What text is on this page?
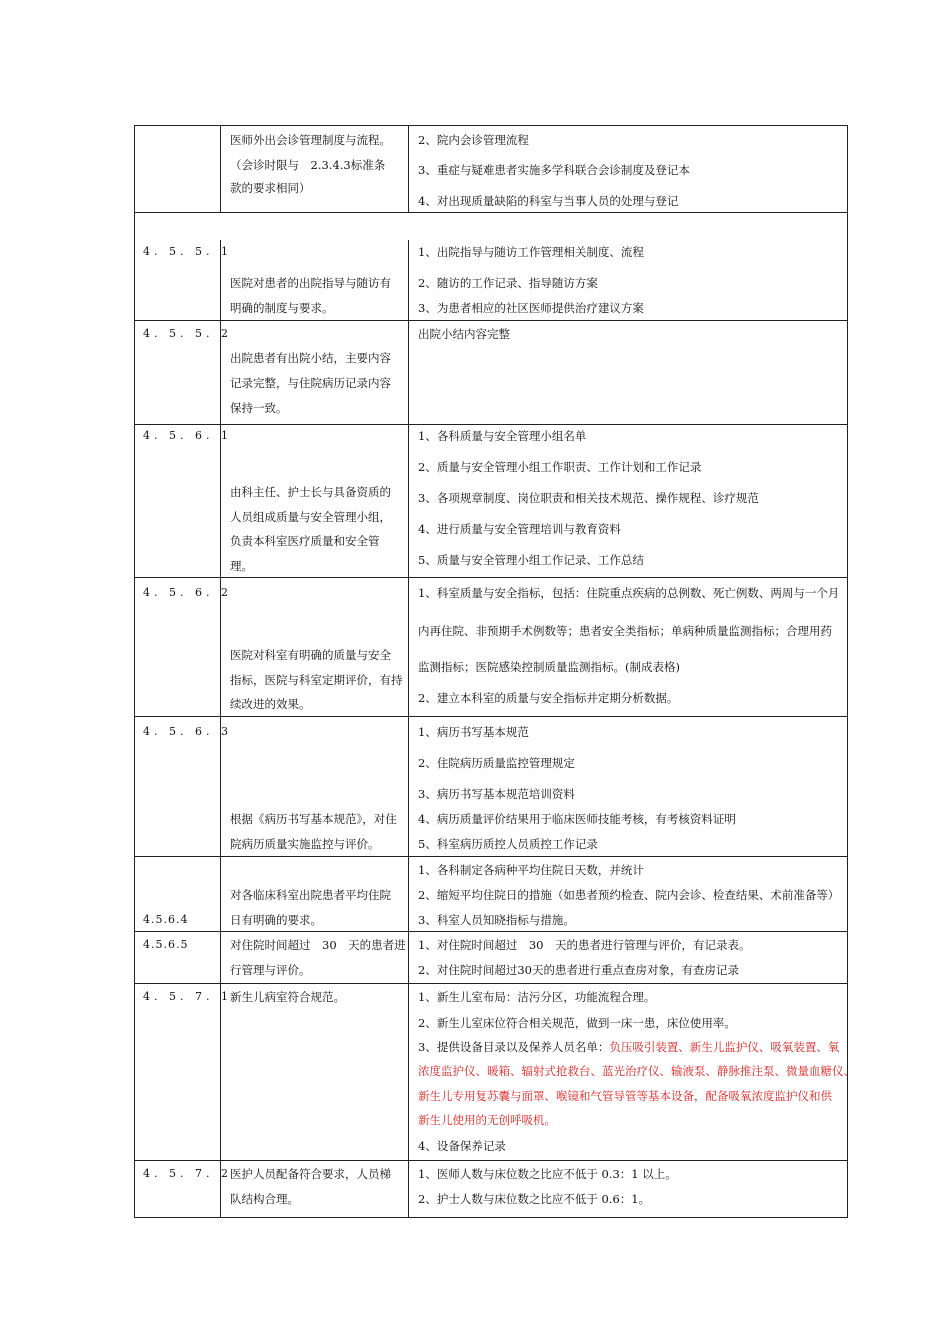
医师外出会诊管理制度与流程。
（会诊时限与　2.3.4.3标准条
款的要求相同）
2、院内会诊管理流程
3、重症与疑难患者实施多学科联合会诊制度及登记本
4、对出现质量缺陷的科室与当事人员的处理与登记
4. 5. 5. 1
医院对患者的出院指导与随访有
明确的制度与要求。
1、出院指导与随访工作管理相关制度、流程
2、随访的工作记录、指导随访方案
3、为患者相应的社区医师提供治疗建议方案
4. 5. 5. 2
出院患者有出院小结，主要内容
记录完整，与住院病历记录内容
保持一致。
出院小结内容完整
4. 5. 6. 1
由科主任、护士长与具备资质的
人员组成质量与安全管理小组，
负责本科室医疗质量和安全管
理。
1、各科质量与安全管理小组名单
2、质量与安全管理小组工作职责、工作计划和工作记录
3、各项规章制度、岗位职责和相关技术规范、操作规程、诊疗规范
4、进行质量与安全管理培训与教育资料
5、质量与安全管理小组工作记录、工作总结
4. 5. 6. 2
医院对科室有明确的质量与安全
指标，医院与科室定期评价，有持
续改进的效果。
1、科室质量与安全指标，包括：住院重点疾病的总例数、死亡例数、两周与一个月
内再住院、非预期手术例数等；患者安全类指标；单病种质量监测指标；合理用药
监测指标；医院感染控制质量监测指标。(制成表格)
2、建立本科室的质量与安全指标并定期分析数据。
4. 5. 6. 3
根据《病历书写基本规范》，对住
院病历质量实施监控与评价。
1、病历书写基本规范
2、住院病历质量监控管理规定
3、病历书写基本规范培训资料
4、病历质量评价结果用于临床医师技能考核，有考核资料证明
5、科室病历质控人员质控工作记录
4.5.6.4
对各临床科室出院患者平均住院
日有明确的要求。
1、各科制定各病种平均住院日天数，并统计
2、缩短平均住院日的措施（如患者预约检查、院内会诊、检查结果、术前准备等）
3、科室人员知晓指标与措施。
4.5.6.5	对住院时间超过　30　天的患者进
行管理与评价。
1、对住院时间超过　30　天的患者进行管理与评价，有记录表。
2、对住院时间超过30天的患者进行重点查房对象，有查房记录
4. 5. 7. 1
新生儿病室符合规范。	1、新生儿室布局：洁污分区，功能流程合理。
2、新生儿室床位符合相关规范，做到一床一患，床位使用率。
3、提供设备目录以及保养人员名单：负压吸引装置、新生儿监护仪、吸氧装置、氧
浓度监护仪、暖箱、辐射式抢救台、蓝光治疗仪、输液泵、静脉推注泵、微量血糖仪、
新生儿专用复苏囊与面罩、喉镜和气管导管等基本设备，配备吸氧浓度监护仪和供
新生儿使用的无创呼吸机。
4、设备保养记录
4. 5. 7. 2
医护人员配备符合要求，人员梯
队结构合理。
1、医师人数与床位数之比应不低于 0.3：1 以上。
2、护士人数与床位数之比应不低于 0.6：1。
